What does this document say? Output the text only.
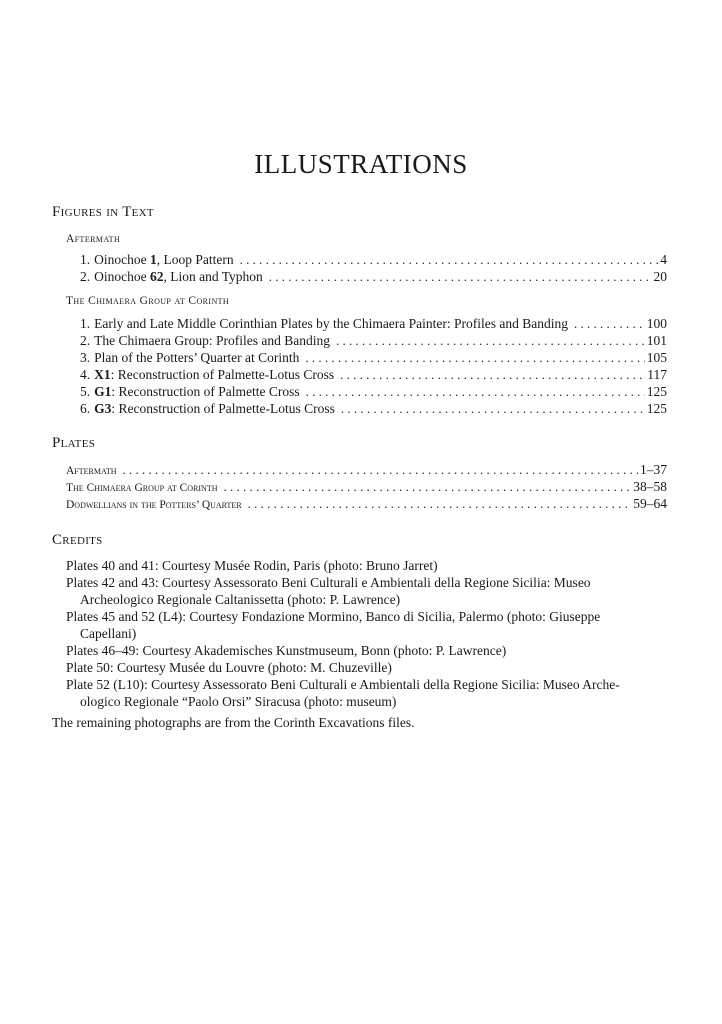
ILLUSTRATIONS
Figures in Text
Aftermath
1. Oinochoe 1, Loop Pattern . . .	4
2. Oinochoe 62, Lion and Typhon . . .	20
The Chimaera Group at Corinth
1. Early and Late Middle Corinthian Plates by the Chimaera Painter: Profiles and Banding . . .	100
2. The Chimaera Group: Profiles and Banding . . .	101
3. Plan of the Potters’ Quarter at Corinth . . .	105
4. X1: Reconstruction of Palmette-Lotus Cross . . .	117
5. G1: Reconstruction of Palmette Cross . . .	125
6. G3: Reconstruction of Palmette-Lotus Cross . . .	125
Plates
Aftermath . . .	1–37
The Chimaera Group at Corinth . . .	38–58
Dodwellians in the Potters’ Quarter . . .	59–64
Credits
Plates 40 and 41: Courtesy Musée Rodin, Paris (photo: Bruno Jarret)
Plates 42 and 43: Courtesy Assessorato Beni Culturali e Ambientali della Regione Sicilia: Museo
Archeologico Regionale Caltanissetta (photo: P. Lawrence)
Plates 45 and 52 (L4): Courtesy Fondazione Mormino, Banco di Sicilia, Palermo (photo: Giuseppe
Capellani)
Plates 46–49: Courtesy Akademisches Kunstmuseum, Bonn (photo: P. Lawrence)
Plate 50: Courtesy Musée du Louvre (photo: M. Chuzeville)
Plate 52 (L10): Courtesy Assessorato Beni Culturali e Ambientali della Regione Sicilia: Museo Arche-
ologico Regionale “Paolo Orsi” Siracusa (photo: museum)
The remaining photographs are from the Corinth Excavations files.
